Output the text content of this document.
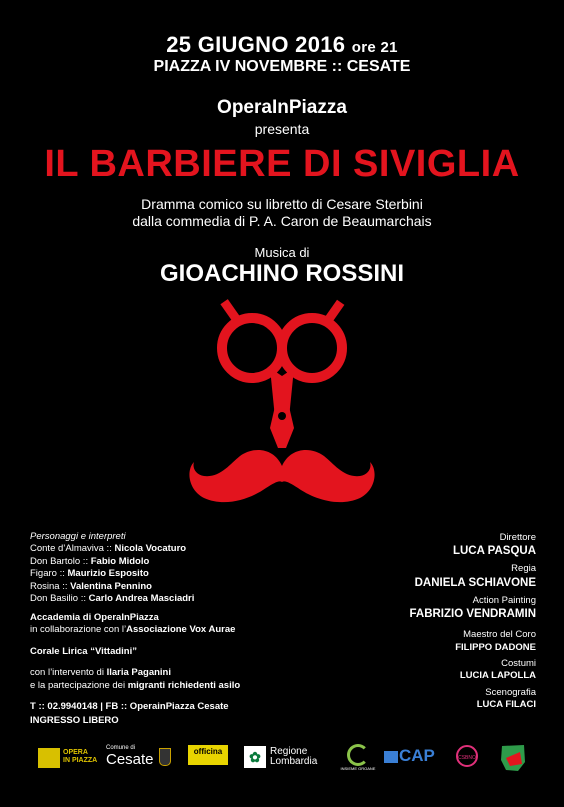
25 GIUGNO 2016 ore 21
PIAZZA IV NOVEMBRE :: CESATE
OperaInPiazza
presenta
IL BARBIERE DI SIVIGLIA
Dramma comico su libretto di Cesare Sterbini
dalla commedia di P. A. Caron de Beaumarchais
Musica di
GIOACHINO ROSSINI
Personaggi e interpreti
Conte d’Almaviva :: Nicola Vocaturo
Don Bartolo :: Fabio Midolo
Figaro :: Maurizio Esposito
Rosina :: Valentina Pennino
Don Basilio :: Carlo Andrea Masciadri
Accademia di OperaInPiazza
in collaborazione con l’Associazione Vox Aurae
Corale Lirica “Vittadini”
con l’intervento di Ilaria Paganini
e la partecipazione dei migranti richiedenti asilo
T :: 02.9940148 | FB :: OperainPiazza Cesate
INGRESSO LIBERO
Direttore
LUCA PASQUA
Regia
DANIELA SCHIAVONE
Action Painting
FABRIZIO VENDRAMIN
Maestro del Coro
FILIPPO DADONE
Costumi
LUCIA LAPOLLA
Scenografia
LUCA FILACI
OPERA
IN PIAZZA
Comune di
Cesate	officina	✿ Regione
Lombardia
INSIEME GROANE
CAP	CSBNO
